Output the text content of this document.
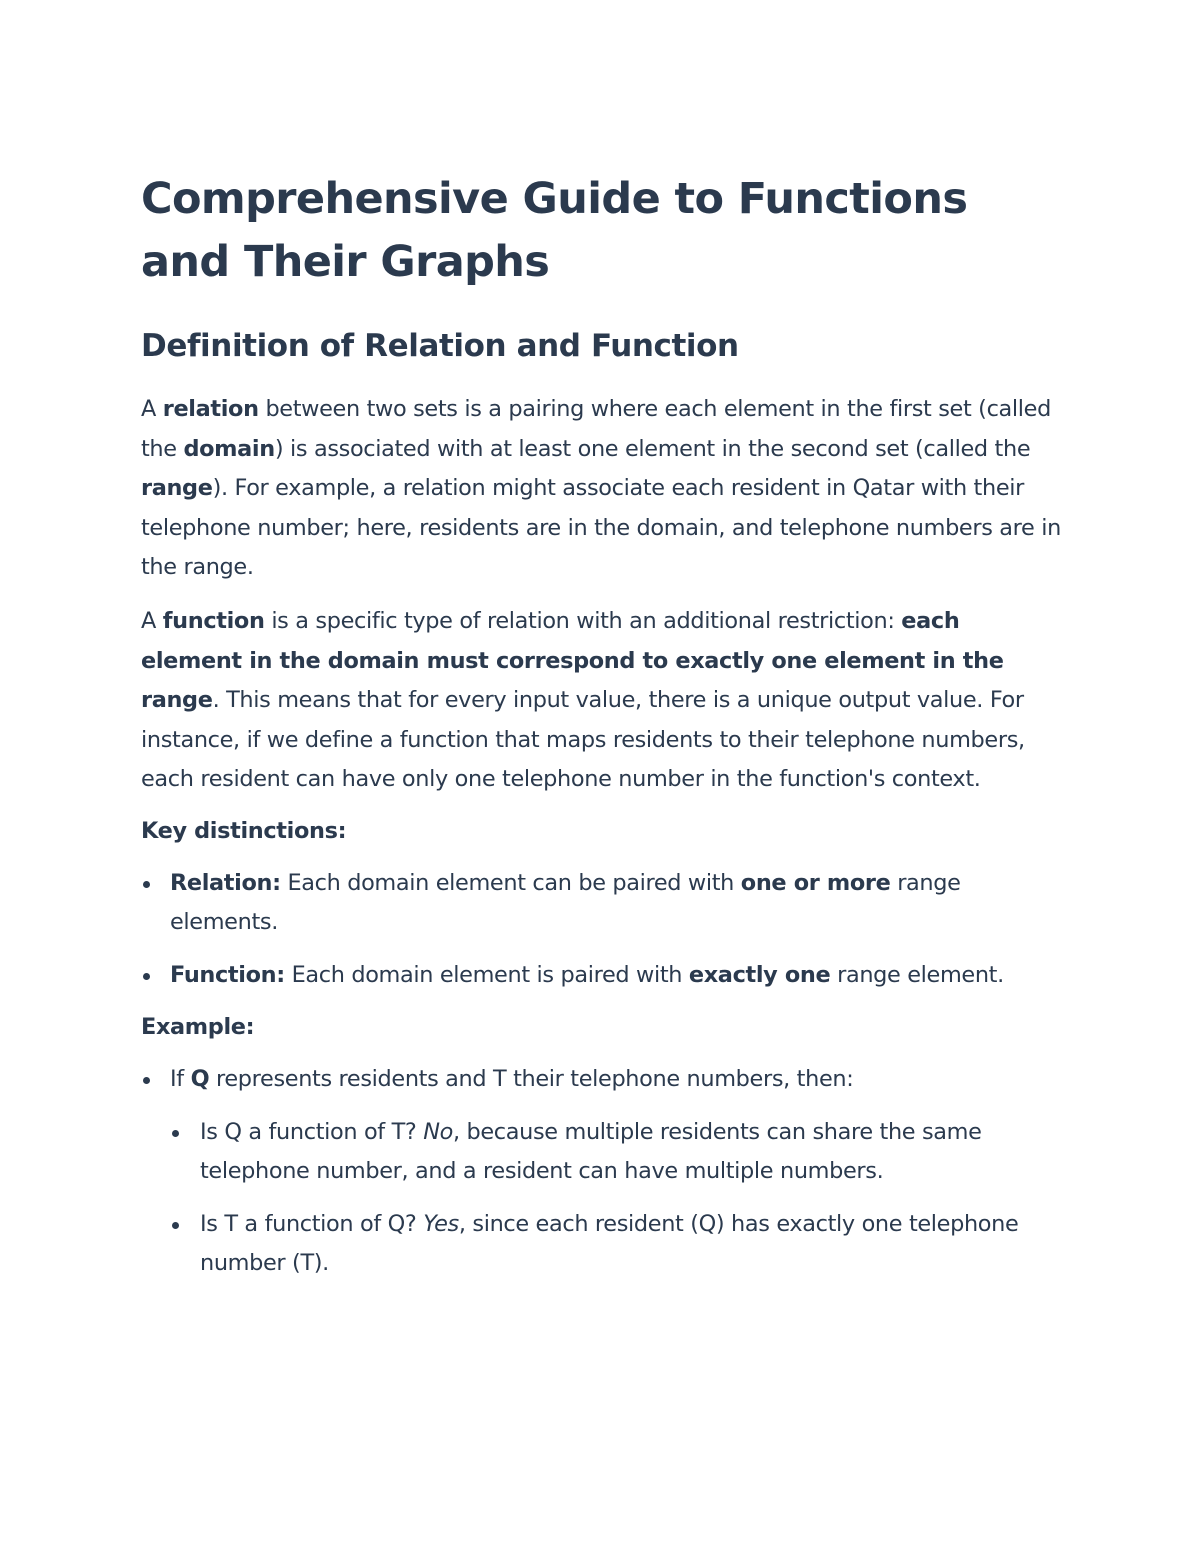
Comprehensive Guide to Functions and Their Graphs
Definition of Relation and Function

A relation between two sets is a pairing where each element in the first set (called the domain) is associated with at least one element in the second set (called the range). For example, a relation might associate each resident in Qatar with their telephone number; here, residents are in the domain, and telephone numbers are in the range.

A function is a specific type of relation with an additional restriction: each element in the domain must correspond to exactly one element in the range. This means that for every input value, there is a unique output value. For instance, if we define a function that maps residents to their telephone numbers, each resident can have only one telephone number in the function's context.

Key distinctions:

Relation: Each domain element can be paired with one or more range elements.
Function: Each domain element is paired with exactly one range element.

Example:

If Q represents residents and T their telephone numbers, then:
Is Q a function of T? No, because multiple residents can share the same telephone number, and a resident can have multiple numbers.
Is T a function of Q? Yes, since each resident (Q) has exactly one telephone number (T).
